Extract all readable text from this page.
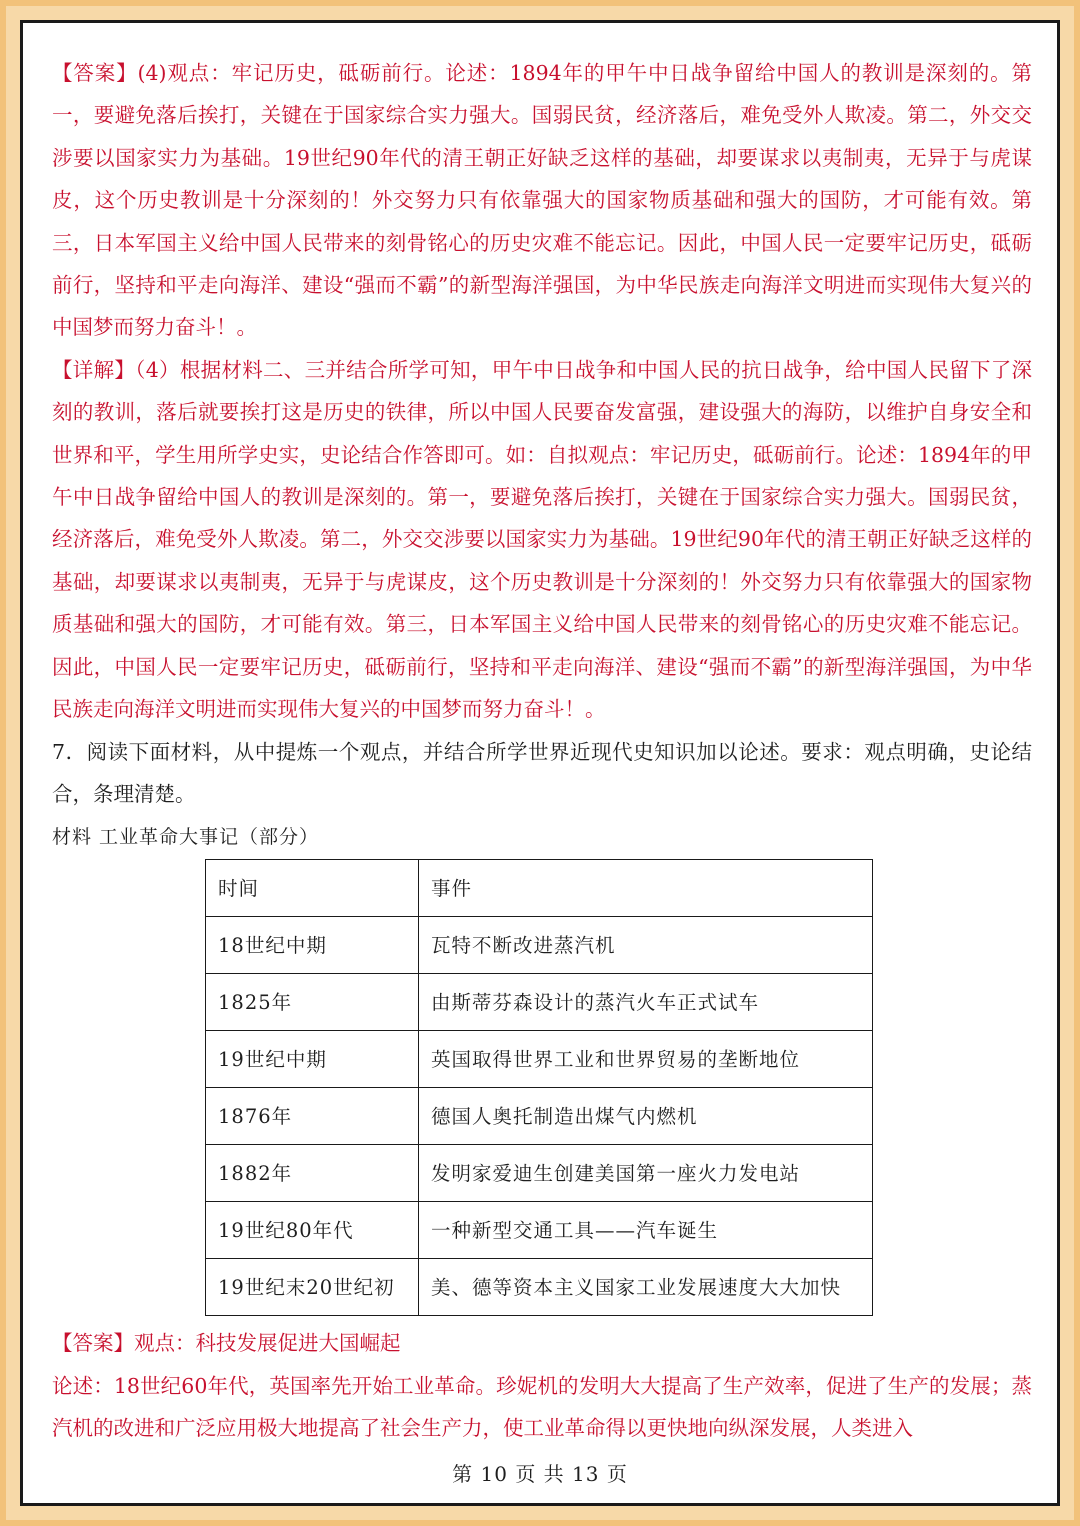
【答案】(4)观点：牢记历史，砥砺前行。论述：1894年的甲午中日战争留给中国人的教训是深刻的。第一，要避免落后挨打，关键在于国家综合实力强大。国弱民贫，经济落后，难免受外人欺凌。第二，外交交涉要以国家实力为基础。19世纪90年代的清王朝正好缺乏这样的基础，却要谋求以夷制夷，无异于与虎谋皮，这个历史教训是十分深刻的！外交努力只有依靠强大的国家物质基础和强大的国防，才可能有效。第三，日本军国主义给中国人民带来的刻骨铭心的历史灾难不能忘记。因此，中国人民一定要牢记历史，砥砺前行，坚持和平走向海洋、建设“强而不霸”的新型海洋强国，为中华民族走向海洋文明进而实现伟大复兴的中国梦而努力奋斗！。

【详解】（4）根据材料二、三并结合所学可知，甲午中日战争和中国人民的抗日战争，给中国人民留下了深刻的教训，落后就要挨打这是历史的铁律，所以中国人民要奋发富强，建设强大的海防，以维护自身安全和世界和平，学生用所学史实，史论结合作答即可。如：自拟观点：牢记历史，砥砺前行。论述：1894年的甲午中日战争留给中国人的教训是深刻的。第一，要避免落后挨打，关键在于国家综合实力强大。国弱民贫，经济落后，难免受外人欺凌。第二，外交交涉要以国家实力为基础。19世纪90年代的清王朝正好缺乏这样的基础，却要谋求以夷制夷，无异于与虎谋皮，这个历史教训是十分深刻的！外交努力只有依靠强大的国家物质基础和强大的国防，才可能有效。第三，日本军国主义给中国人民带来的刻骨铭心的历史灾难不能忘记。因此，中国人民一定要牢记历史，砥砺前行，坚持和平走向海洋、建设“强而不霸”的新型海洋强国，为中华民族走向海洋文明进而实现伟大复兴的中国梦而努力奋斗！。

7．阅读下面材料，从中提炼一个观点，并结合所学世界近现代史知识加以论述。要求：观点明确，史论结合，条理清楚。

材料 工业革命大事记（部分）

时间	事件
18世纪中期	瓦特不断改进蒸汽机
1825年	由斯蒂芬森设计的蒸汽火车正式试车
19世纪中期	英国取得世界工业和世界贸易的垄断地位
1876年	德国人奥托制造出煤气内燃机
1882年	发明家爱迪生创建美国第一座火力发电站
19世纪80年代	一种新型交通工具——汽车诞生
19世纪末20世纪初	美、德等资本主义国家工业发展速度大大加快

【答案】观点：科技发展促进大国崛起

论述：18世纪60年代，英国率先开始工业革命。珍妮机的发明大大提高了生产效率，促进了生产的发展；蒸汽机的改进和广泛应用极大地提高了社会生产力，使工业革命得以更快地向纵深发展，人类进入

第 10 页 共 13 页
